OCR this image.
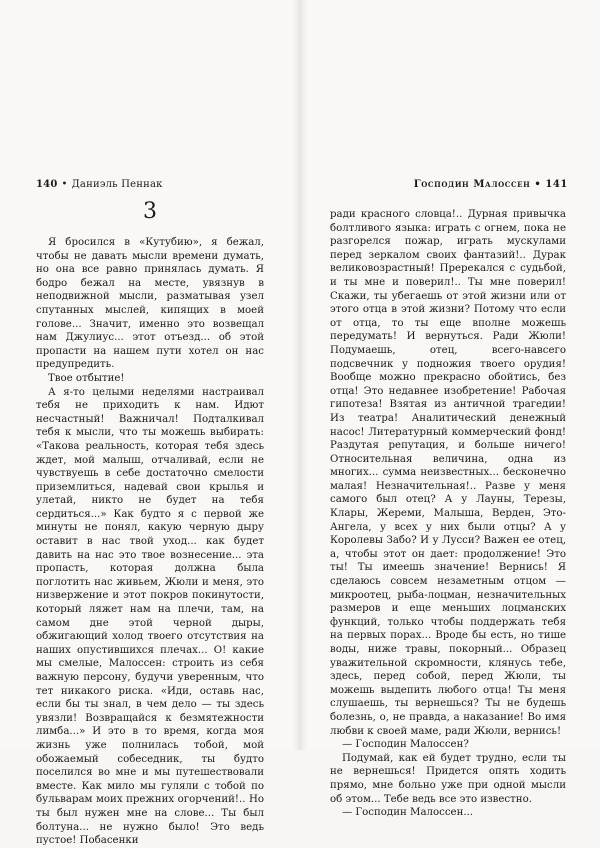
140 • Даниэль Пеннак
3

Я бросился в «Кутубию», я бежал, чтобы не давать мысли времени думать, но она все равно принялась думать. Я бодро бежал на месте, увязнув в неподвижной мысли, разматывая узел спутанных мыслей, кипящих в моей голове... Значит, именно это возвещал нам Джулиус... этот отъезд... об этой пропасти на нашем пути хотел он нас предупредить.

Твое отбытие!

А я-то целыми неделями настраивал тебя не приходить к нам. Идют несчастный! Важничал! Подталкивал тебя к мысли, что ты можешь выбирать: «Такова реальность, которая тебя здесь ждет, мой малыш, отчаливай, если не чувствуешь в себе достаточно смелости приземлиться, надевай свои крылья и улетай, никто не будет на тебя сердиться...» Как будто я с первой же минуты не понял, какую черную дыру оставит в нас твой уход... как будет давить на нас это твое вознесение... эта пропасть, которая должна была поглотить нас живьем, Жюли и меня, это низвержение и этот покров покинутости, который ляжет нам на плечи, там, на самом дне этой черной дыры, обжигающий холод твоего отсутствия на наших опустившихся плечах... О! какие мы смелые, Малоссен: строить из себя важную персону, будучи уверенным, что тет никакого риска. «Иди, оставь нас, если бы ты знал, в чем дело — ты здесь увязли! Возвращайся к безмятежности лимба...» И это в то время, когда моя жизнь уже полнилась тобой, мой обожаемый собеседник, ты будто поселился во мне и мы путешествовали вместе. Как мило мы гуляли с тобой по бульварам моих прежних огорчений!.. Но ты был нужен мне на слове... Ты был болтуна... не нужно было! Это ведь пустое! Побасенки

Господин Малоссен • 141

ради красного словца!.. Дурная привычка болтливого языка: играть с огнем, пока не разгорелся пожар, играть мускулами перед зеркалом своих фантазий!.. Дурак великовозрастный! Пререкался с судьбой, и ты мне и поверил!.. Ты мне поверил! Скажи, ты убегаешь от этой жизни или от этого отца в этой жизни? Потому что если от отца, то ты еще вполне можешь передумать! И вернуться. Ради Жюли! Подумаешь, отец, всего-навсего подсвечник у подножия твоего орудия! Вообще можно прекрасно обойтись, без отца! Это недавнее изобретение! Рабочая гипотеза! Взятая из античной трагедии! Из театра! Аналитический денежный насос! Литературный коммерческий фонд! Раздутая репутация, и больше ничего! Относительная величина, одна из многих... сумма неизвестных... бесконечно малая! Незначительная!.. Разве у меня самого был отец? А у Лауны, Терезы, Клары, Жереми, Малыша, Верден, Это-Ангела, у всех у них были отцы? А у Королевы Забо? И у Лусси? Важен ее отец, а, чтобы этот он дает: продолжение! Это ты! Ты имеешь значение! Вернись! Я сделаюсь совсем незаметным отцом — микроотец, рыба-лоцман, незначительных размеров и еще меньших лоцманских функций, только чтобы поддержать тебя на первых порах... Вроде бы есть, но тише воды, ниже травы, покорный... Образец уважительной скромности, клянусь тебе, здесь, перед собой, перед Жюли, ты можешь выдепить любого отца! Ты меня слушаешь, ты вернешься? Ты не будешь болезнь, о, не правда, а наказание! Во имя любви к своей маме, ради Жюли, вернись!

— Господин Малоссен?

Подумай, как ей будет трудно, если ты не вернешься! Придется опять ходить прямо, мне больно уже при одной мысли об этом... Тебе ведь все это известно.

— Господин Малоссен...
